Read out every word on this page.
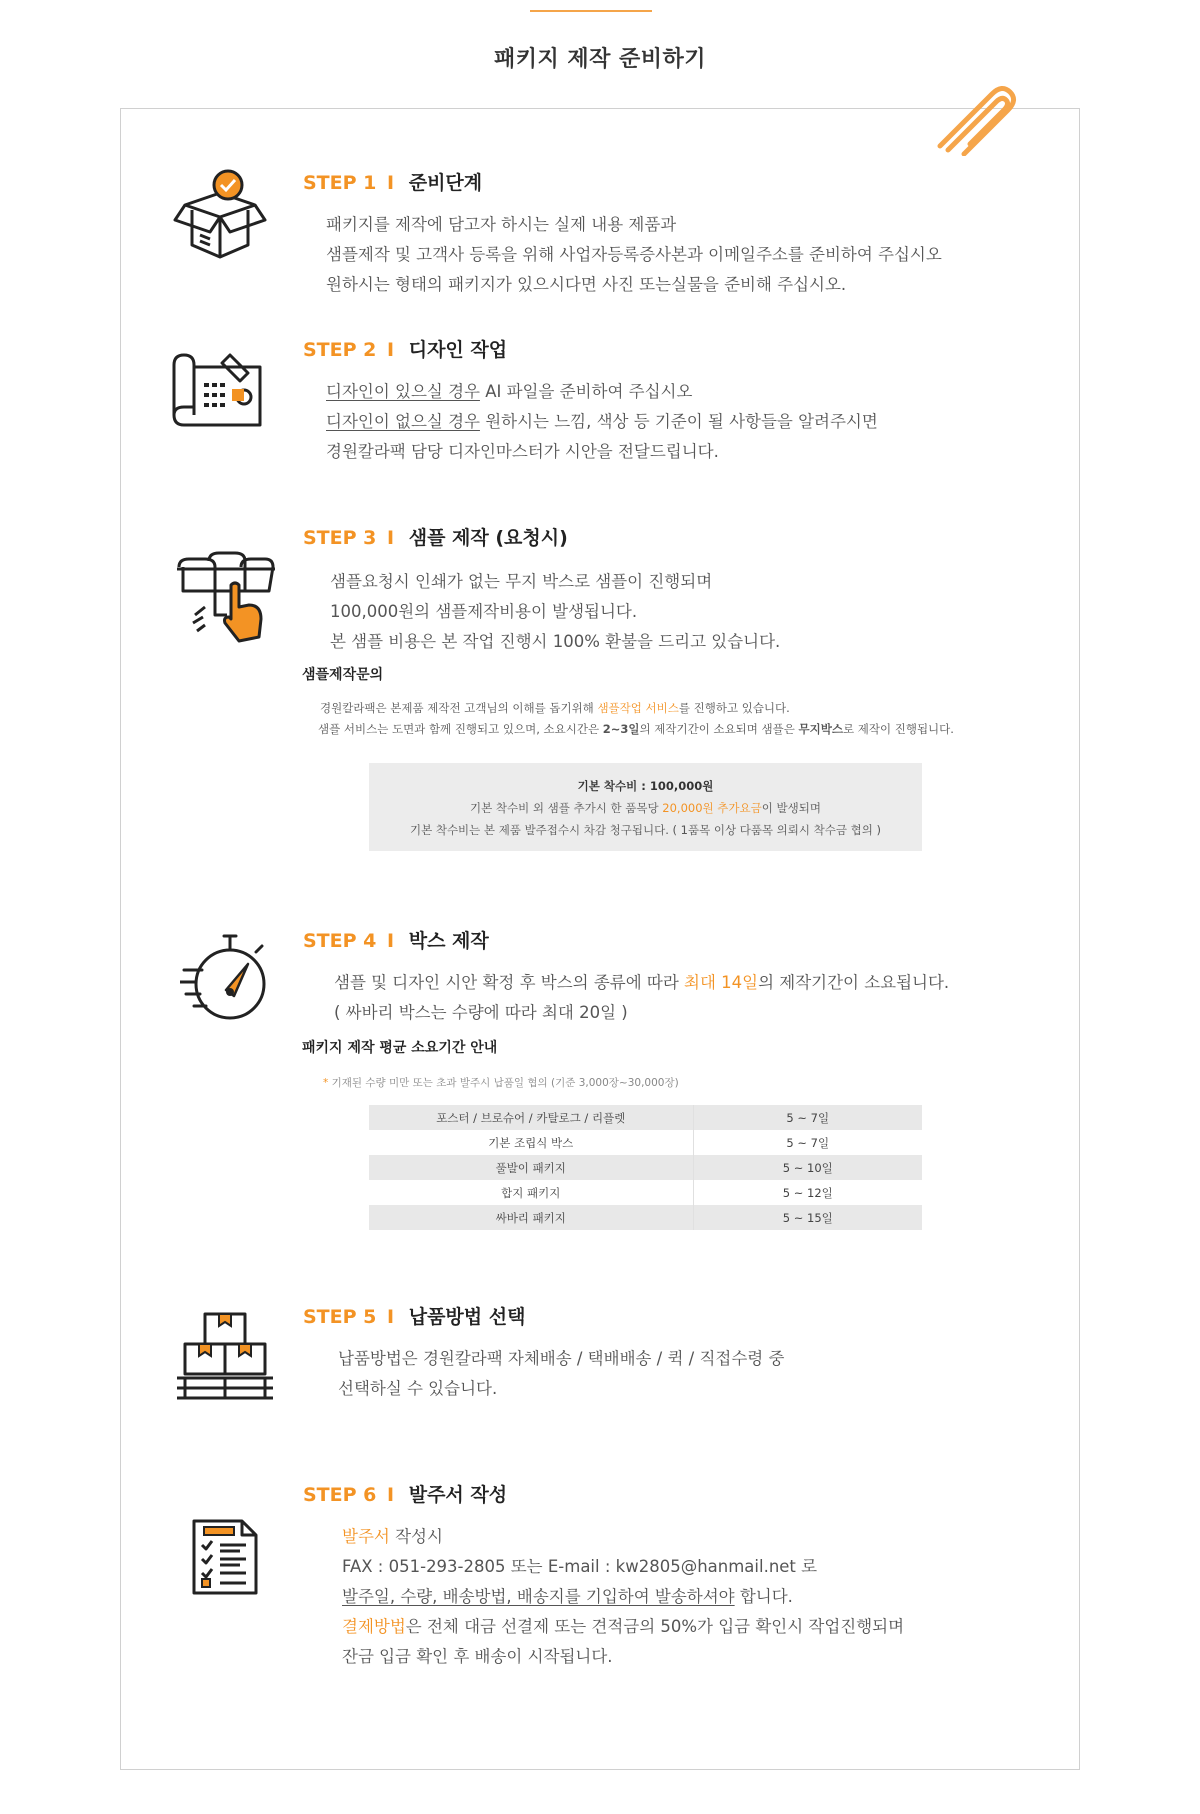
패키지 제작 준비하기
STEP 1 I 준비단계
패키지를 제작에 담고자 하시는 실제 내용 제품과
샘플제작 및 고객사 등록을 위해 사업자등록증사본과 이메일주소를 준비하여 주십시오
원하시는 형태의 패키지가 있으시다면 사진 또는실물을 준비해 주십시오.
STEP 2 I 디자인 작업
디자인이 있으실 경우 AI 파일을 준비하여 주십시오
디자인이 없으실 경우 원하시는 느낌, 색상 등 기준이 될 사항들을 알려주시면
경원칼라팩 담당 디자인마스터가 시안을 전달드립니다.
STEP 3 I 샘플 제작 (요청시)
샘플요청시 인쇄가 없는 무지 박스로 샘플이 진행되며
100,000원의 샘플제작비용이 발생됩니다.
본 샘플 비용은 본 작업 진행시 100% 환불을 드리고 있습니다.
샘플제작문의
경원칼라팩은 본제품 제작전 고객님의 이해를 돕기위해 샘플작업 서비스를 진행하고 있습니다.
샘플 서비스는 도면과 함께 진행되고 있으며, 소요시간은 2~3일의 제작기간이 소요되며 샘플은 무지박스로 제작이 진행됩니다.
기본 착수비 : 100,000원
기본 착수비 외 샘플 추가시 한 품목당 20,000원 추가요금이 발생되며
기본 착수비는 본 제품 발주접수시 차감 청구됩니다. ( 1품목 이상 다품목 의뢰시 착수금 협의 )
STEP 4 I 박스 제작
샘플 및 디자인 시안 확정 후 박스의 종류에 따라 최대 14일의 제작기간이 소요됩니다.
( 싸바리 박스는 수량에 따라 최대 20일 )
패키지 제작 평균 소요기간 안내
* 기재된 수량 미만 또는 초과 발주시 납품일 협의 (기준 3,000장~30,000장)
포스터 / 브로슈어 / 카탈로그 / 리플렛	5 ~ 7일
기본 조립식 박스	5 ~ 7일
풀발이 패키지	5 ~ 10일
합지 패키지	5 ~ 12일
싸바리 패키지	5 ~ 15일
STEP 5 I 납품방법 선택
납품방법은 경원칼라팩 자체배송 / 택배배송 / 퀵 / 직접수령 중
선택하실 수 있습니다.
STEP 6 I 발주서 작성
발주서 작성시
FAX : 051-293-2805 또는 E-mail : kw2805@hanmail.net 로
발주일, 수량, 배송방법, 배송지를 기입하여 발송하셔야 합니다.
결제방법은 전체 대금 선결제 또는 견적금의 50%가 입금 확인시 작업진행되며
잔금 입금 확인 후 배송이 시작됩니다.
